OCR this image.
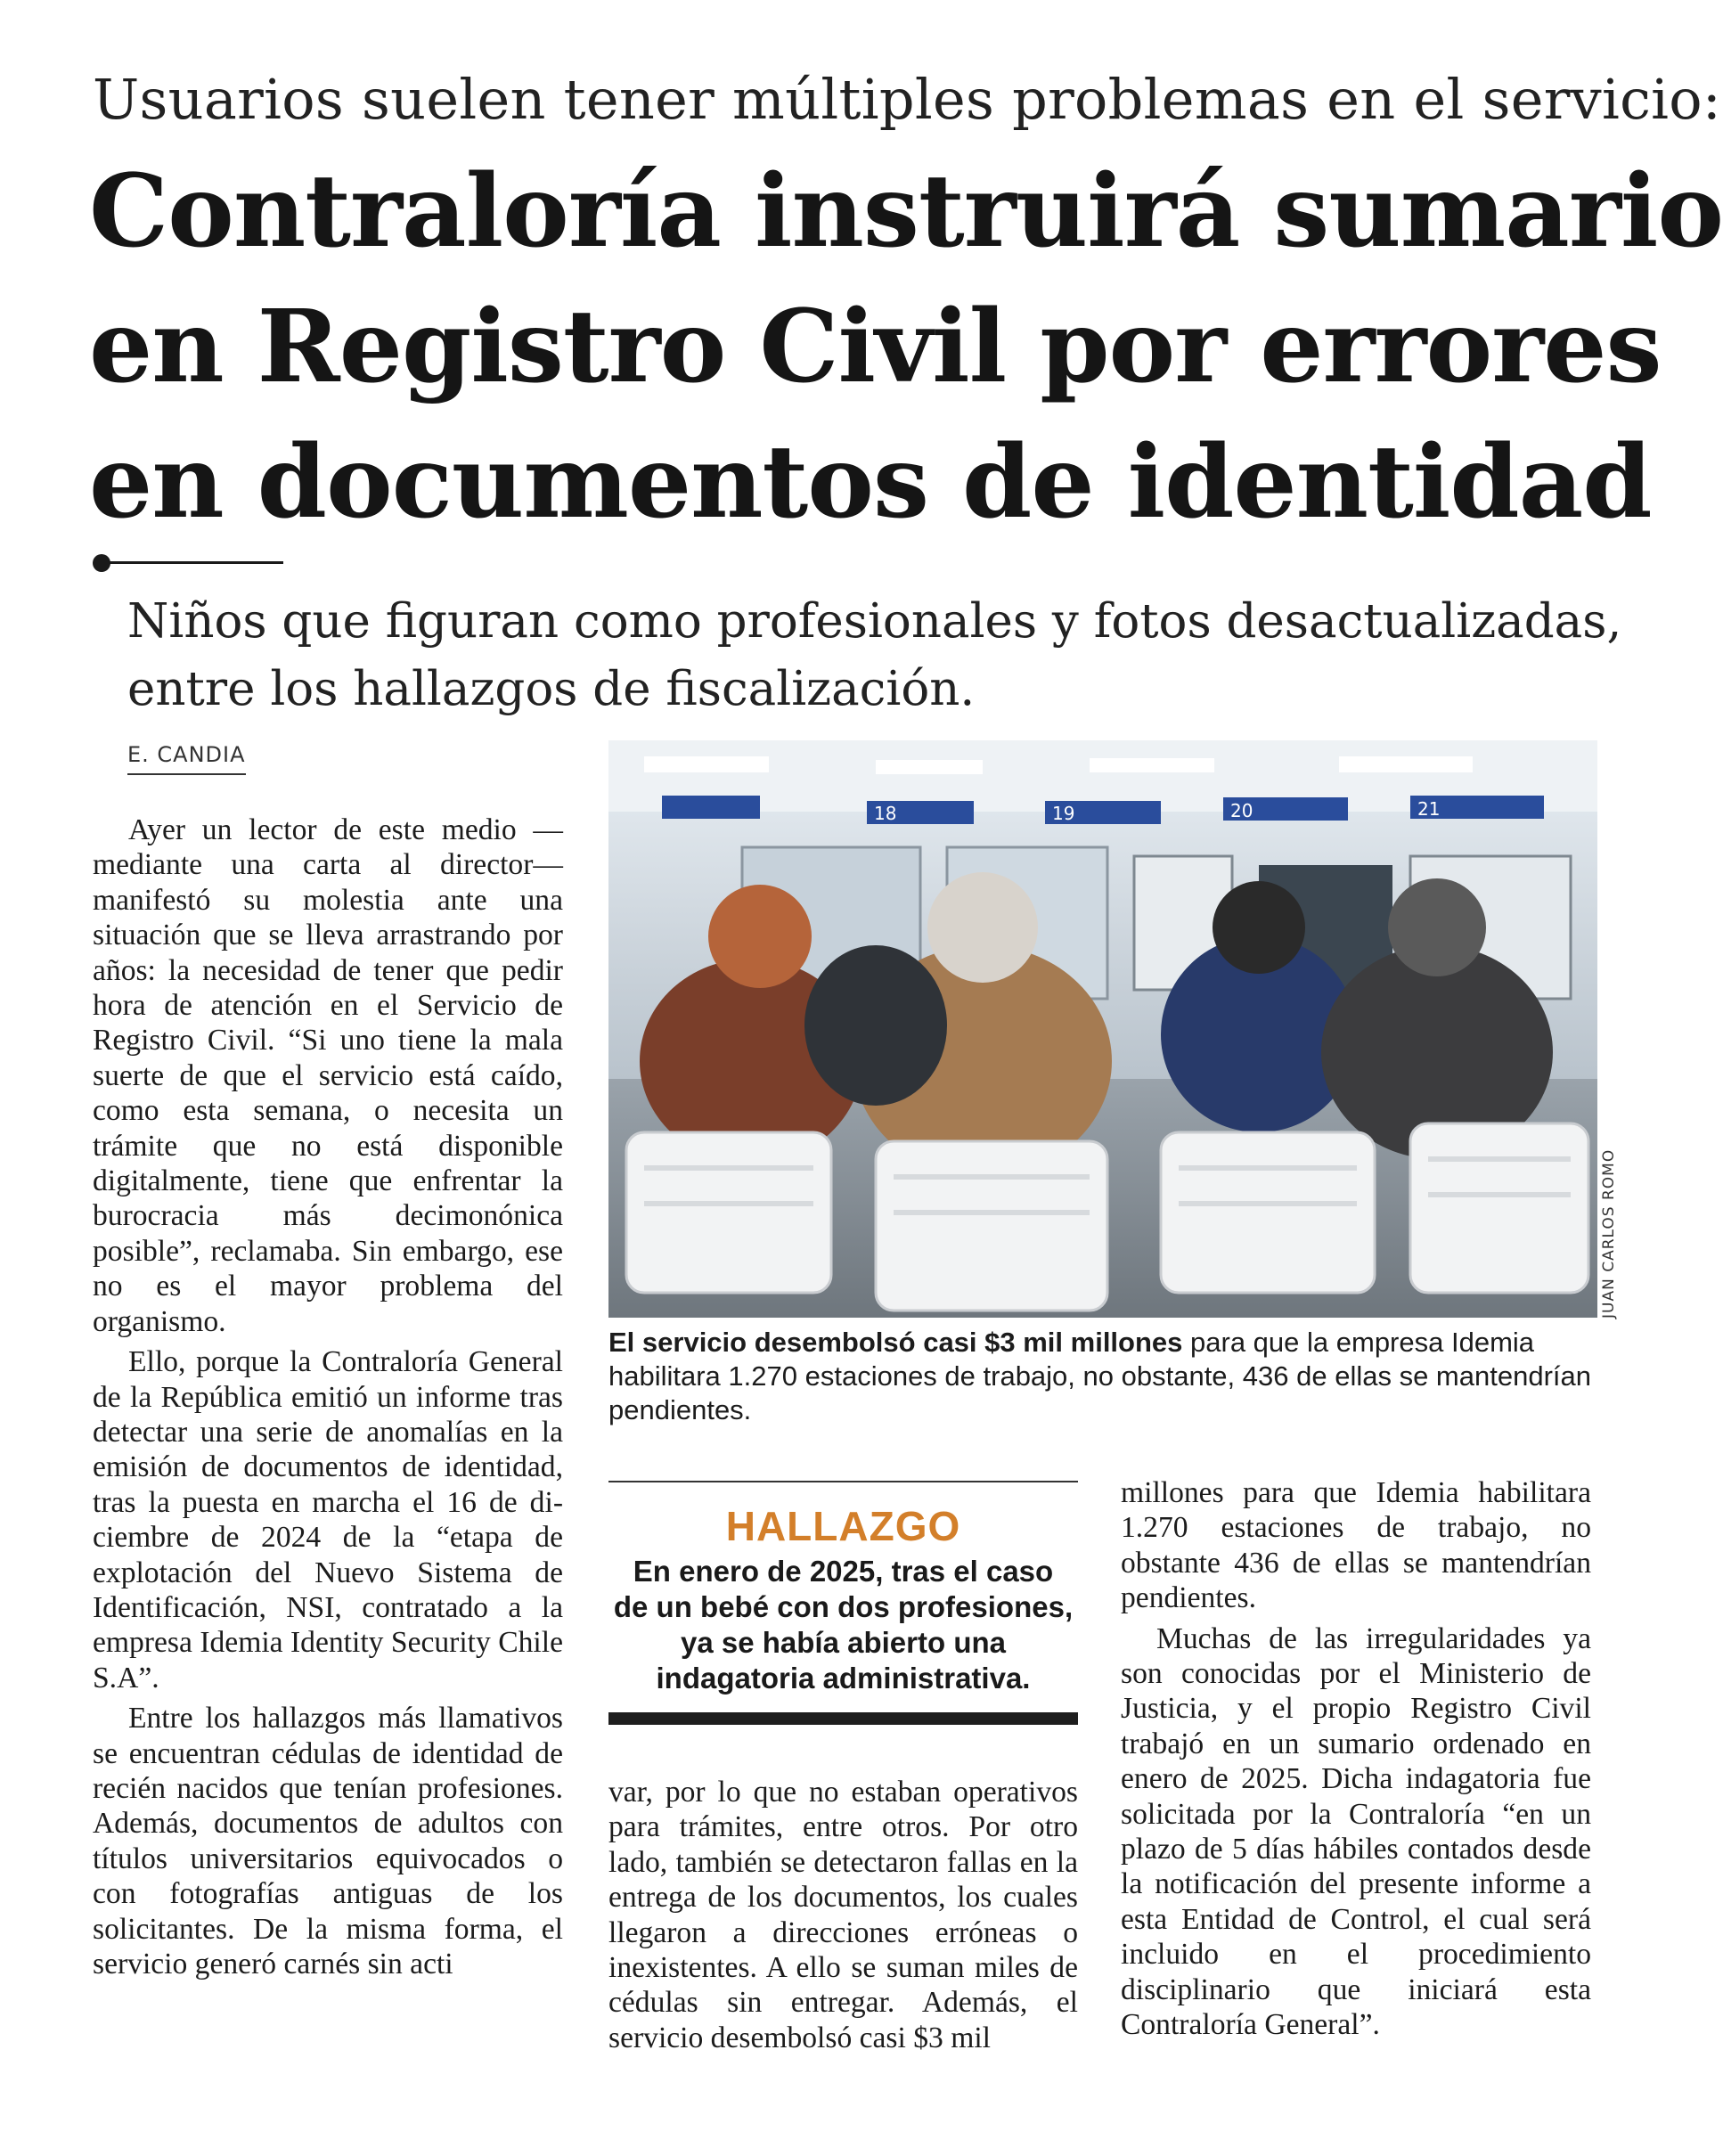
Usuarios suelen tener múltiples problemas en el servicio:
Contraloría instruirá sumario
en Registro Civil por errores
en documentos de identidad
Niños que figuran como profesionales y fotos desactualizadas,
entre los hallazgos de fiscalización.
E. CANDIA

Ayer un lector de este medio —mediante una carta al director— manifestó su molestia ante una situación que se lleva arrastrando por años: la necesidad de tener que pedir hora de atención en el Servicio de Registro Civil. “Si uno tiene la mala suerte de que el servicio está caído, como esta semana, o necesita un trámite que no está disponible digitalmente, tiene que enfrentar la burocracia más decimonónica posible”, reclamaba. Sin embargo, ese no es el mayor problema del organismo.

Ello, porque la Contraloría General de la República emitió un informe tras detectar una serie de anomalías en la emisión de documentos de identidad, tras la puesta en marcha el 16 de diciembre de 2024 de la “etapa de explotación del Nuevo Sistema de Identificación, NSI, contratado a la empresa Idemia Identity Security Chile S.A”.

Entre los hallazgos más llamativos se encuentran cédulas de identidad de recién nacidos que tenían profesiones. Además, documentos de adultos con títulos universitarios equivocados o con fotografías antiguas de los solicitantes. De la misma forma, el servicio generó carnés sin acti

18	19	20	21
JUAN CARLOS ROMO
El servicio desembolsó casi $3 mil millones para que la empresa Idemia habilitara 1.270 estaciones de trabajo, no obstante, 436 de ellas se mantendrían pendientes.
HALLAZGO
En enero de 2025, tras el caso
de un bebé con dos profesiones,
ya se había abierto una
indagatoria administrativa.

var, por lo que no estaban operativos para trámites, entre otros. Por otro lado, también se detectaron fallas en la entrega de los documentos, los cuales llegaron a direcciones erróneas o inexistentes. A ello se suman miles de cédulas sin entregar. Además, el servicio desembolsó casi $3 mil

millones para que Idemia habilitara 1.270 estaciones de trabajo, no obstante 436 de ellas se mantendrían pendientes.

Muchas de las irregularidades ya son conocidas por el Ministerio de Justicia, y el propio Registro Civil trabajó en un sumario ordenado en enero de 2025. Dicha indagatoria fue solicitada por la Contraloría “en un plazo de 5 días hábiles contados desde la notificación del presente informe a esta Entidad de Control, el cual será incluido en el procedimiento disciplinario que iniciará esta Contraloría General”.
